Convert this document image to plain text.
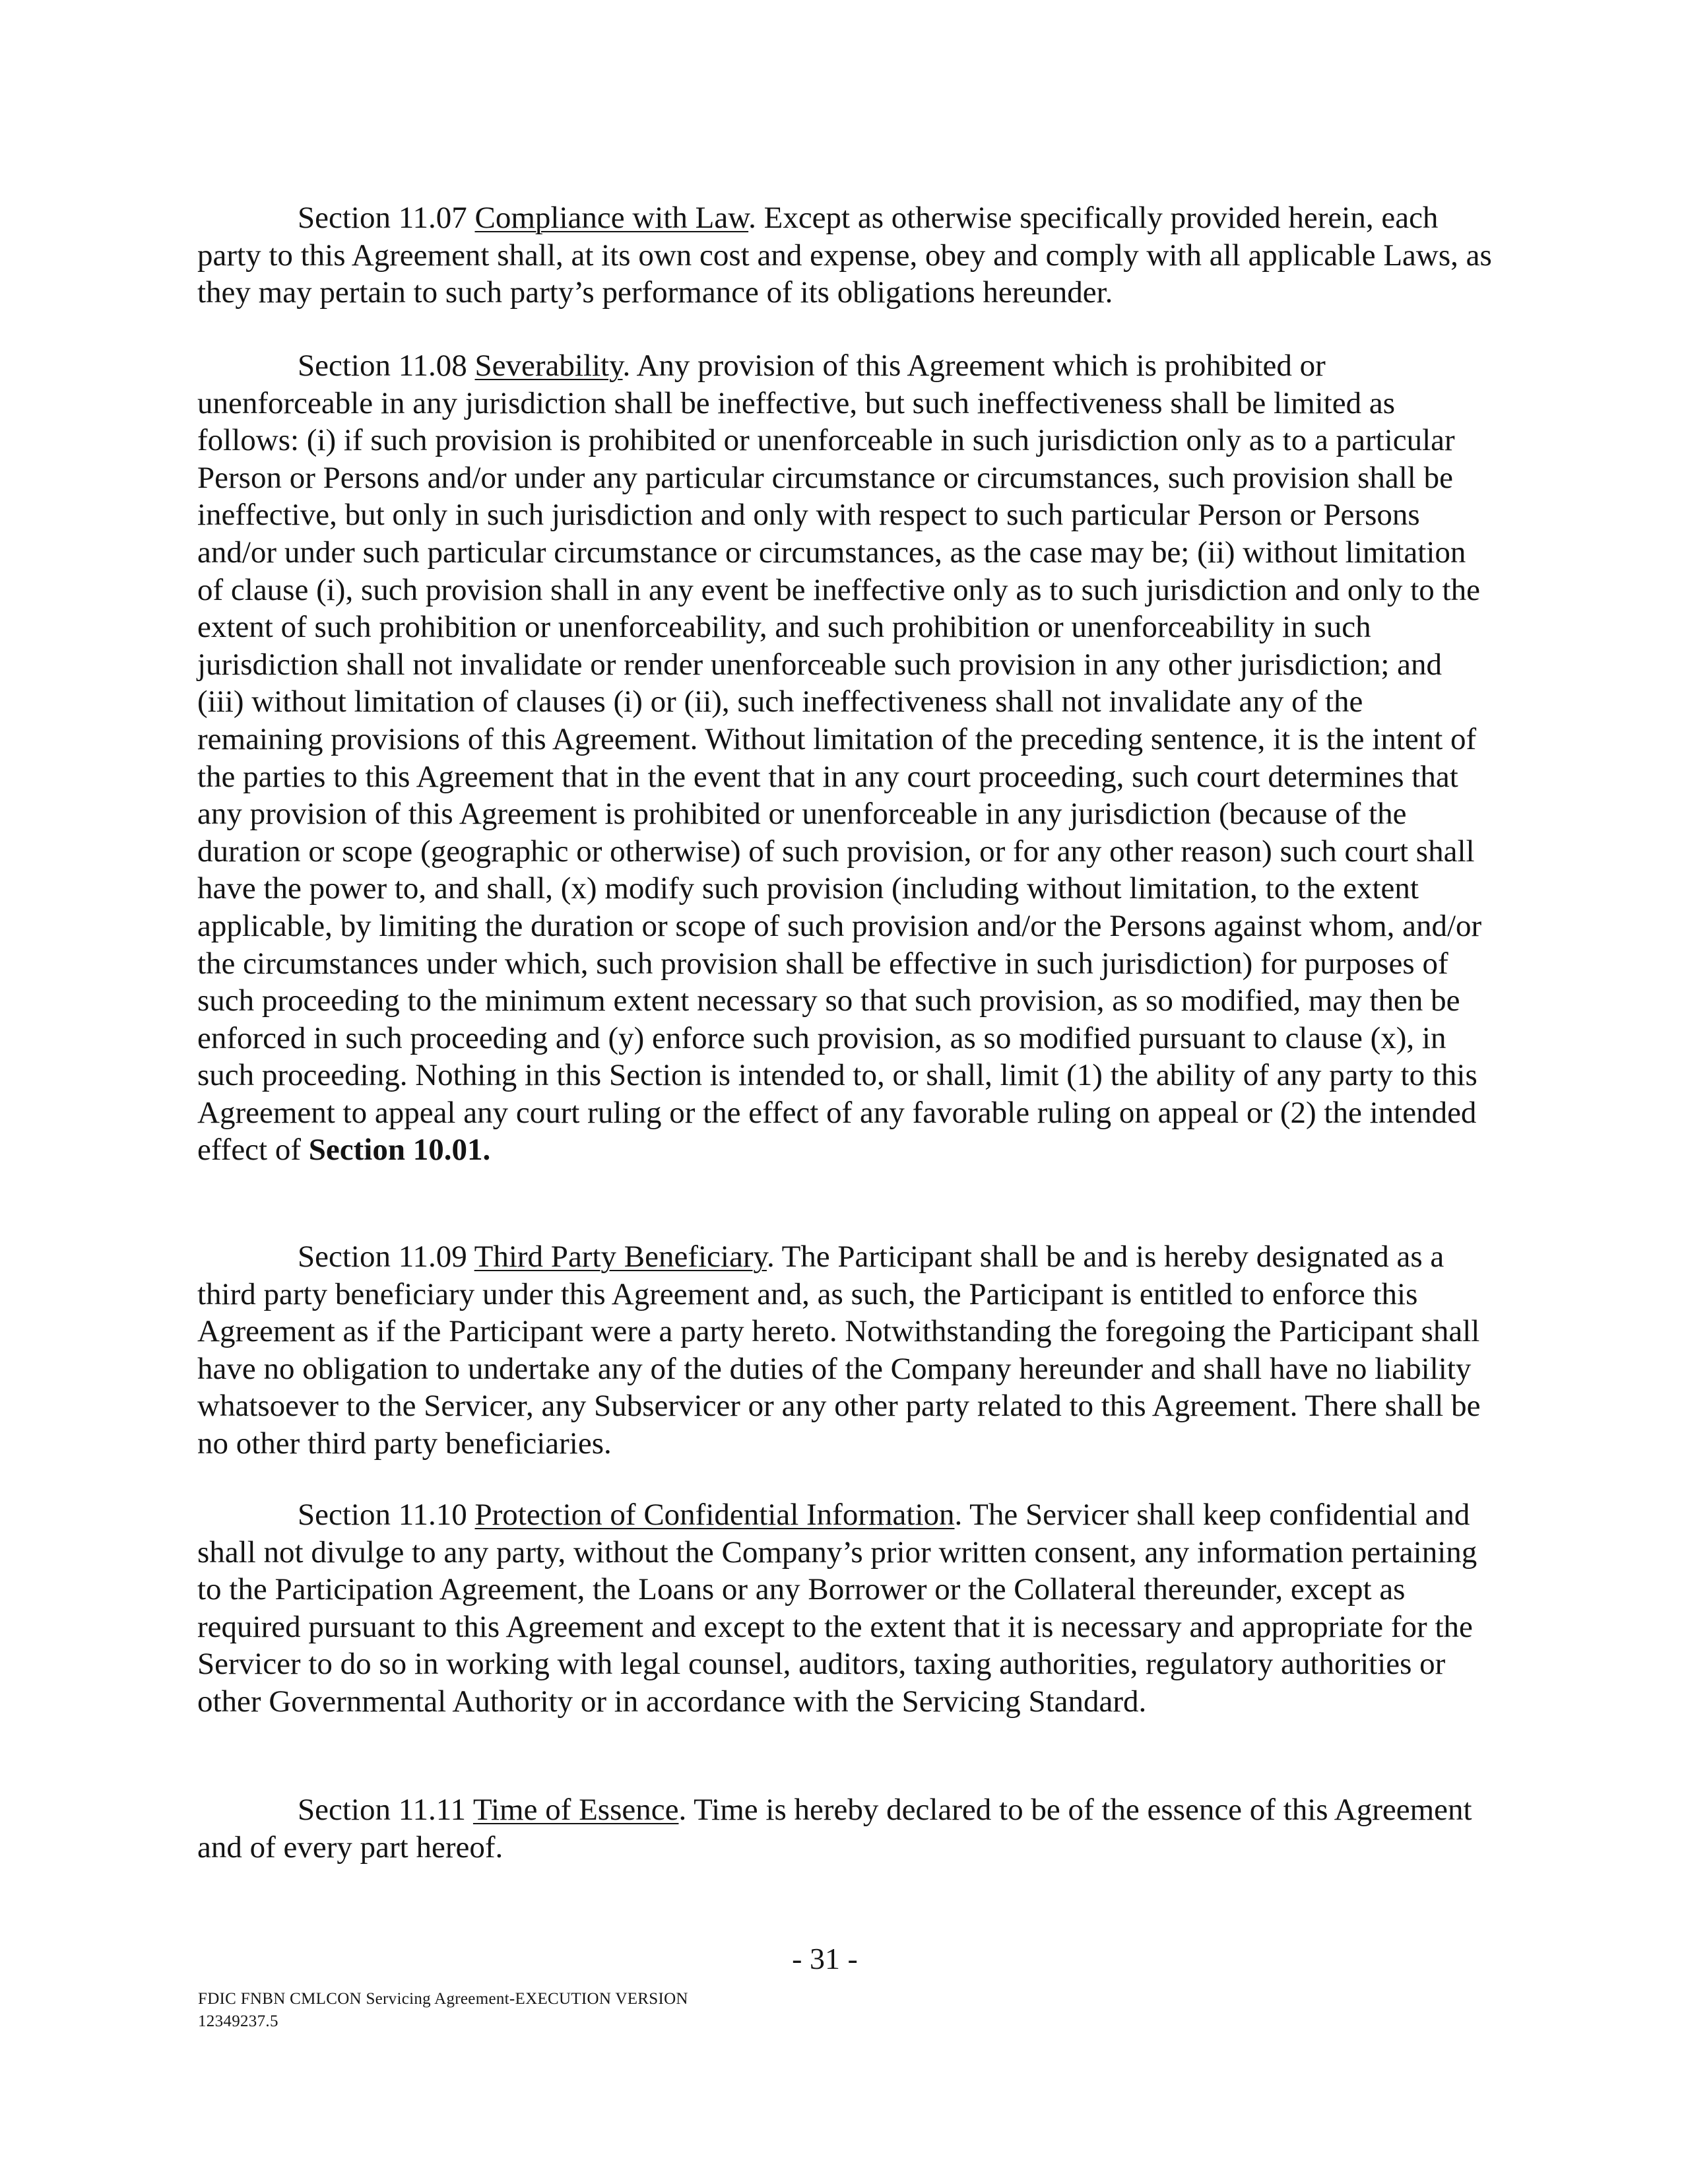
Section 11.07 Compliance with Law. Except as otherwise specifically provided herein, each party to this Agreement shall, at its own cost and expense, obey and comply with all applicable Laws, as they may pertain to such party’s performance of its obligations hereunder.

Section 11.08 Severability. Any provision of this Agreement which is prohibited or unenforceable in any jurisdiction shall be ineffective, but such ineffectiveness shall be limited as follows: (i) if such provision is prohibited or unenforceable in such jurisdiction only as to a particular Person or Persons and/or under any particular circumstance or circumstances, such provision shall be ineffective, but only in such jurisdiction and only with respect to such particular Person or Persons and/or under such particular circumstance or circumstances, as the case may be; (ii) without limitation of clause (i), such provision shall in any event be ineffective only as to such jurisdiction and only to the extent of such prohibition or unenforceability, and such prohibition or unenforceability in such jurisdiction shall not invalidate or render unenforceable such provision in any other jurisdiction; and (iii) without limitation of clauses (i) or (ii), such ineffectiveness shall not invalidate any of the remaining provisions of this Agreement. Without limitation of the preceding sentence, it is the intent of the parties to this Agreement that in the event that in any court proceeding, such court determines that any provision of this Agreement is prohibited or unenforceable in any jurisdiction (because of the duration or scope (geographic or otherwise) of such provision, or for any other reason) such court shall have the power to, and shall, (x) modify such provision (including without limitation, to the extent applicable, by limiting the duration or scope of such provision and/or the Persons against whom, and/or the circumstances under which, such provision shall be effective in such jurisdiction) for purposes of such proceeding to the minimum extent necessary so that such provision, as so modified, may then be enforced in such proceeding and (y) enforce such provision, as so modified pursuant to clause (x), in such proceeding. Nothing in this Section is intended to, or shall, limit (1) the ability of any party to this Agreement to appeal any court ruling or the effect of any favorable ruling on appeal or (2) the intended effect of Section 10.01.

Section 11.09 Third Party Beneficiary. The Participant shall be and is hereby designated as a third party beneficiary under this Agreement and, as such, the Participant is entitled to enforce this Agreement as if the Participant were a party hereto. Notwithstanding the foregoing the Participant shall have no obligation to undertake any of the duties of the Company hereunder and shall have no liability whatsoever to the Servicer, any Subservicer or any other party related to this Agreement. There shall be no other third party beneficiaries.

Section 11.10 Protection of Confidential Information. The Servicer shall keep confidential and shall not divulge to any party, without the Company’s prior written consent, any information pertaining to the Participation Agreement, the Loans or any Borrower or the Collateral thereunder, except as required pursuant to this Agreement and except to the extent that it is necessary and appropriate for the Servicer to do so in working with legal counsel, auditors, taxing authorities, regulatory authorities or other Governmental Authority or in accordance with the Servicing Standard.

Section 11.11 Time of Essence. Time is hereby declared to be of the essence of this Agreement and of every part hereof.

- 31 -
FDIC FNBN CMLCON Servicing Agreement-EXECUTION VERSION
12349237.5
